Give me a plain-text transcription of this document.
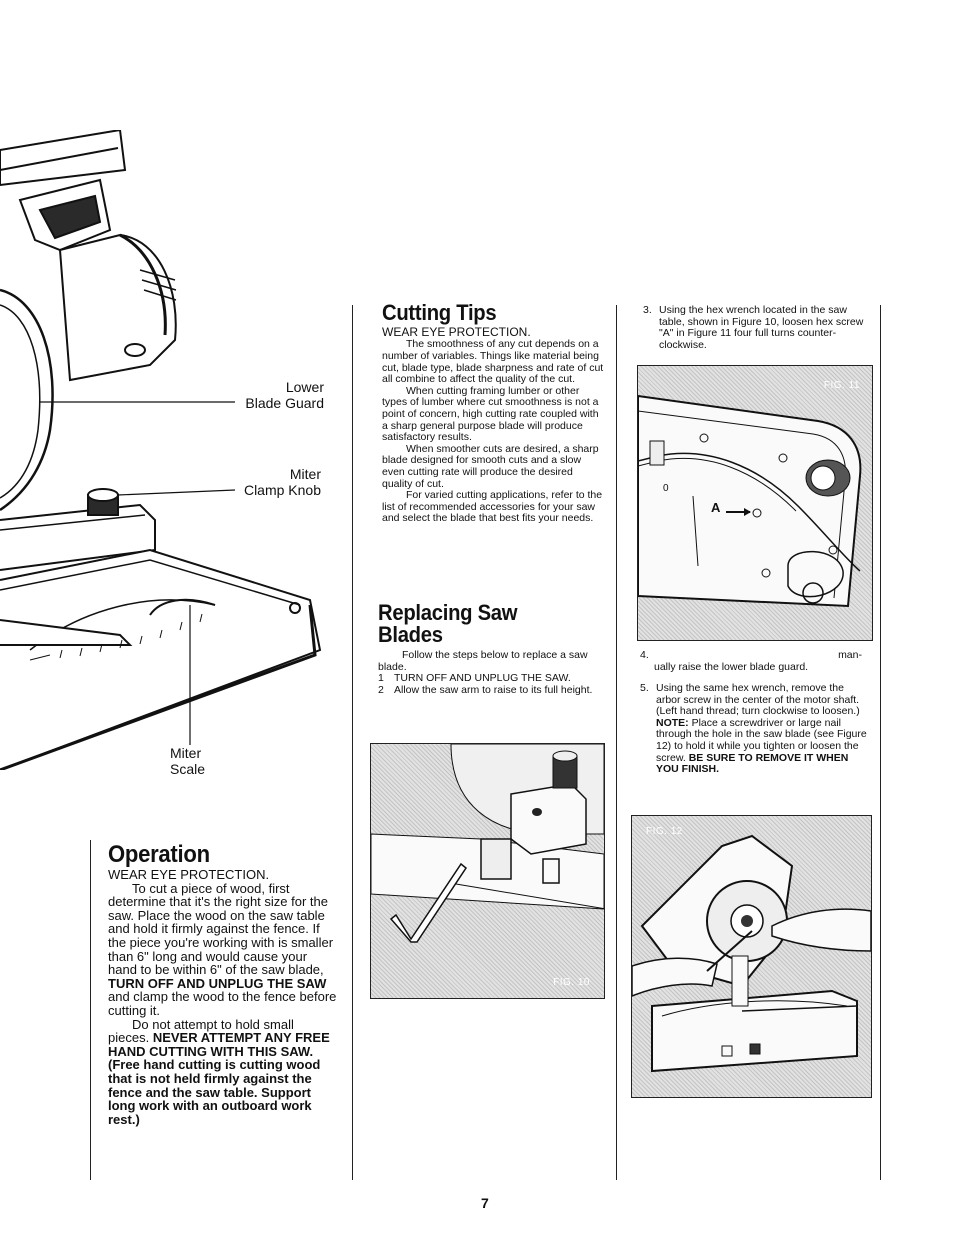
Lower
Blade Guard
Miter
Clamp Knob
Miter
Scale
Operation
WEAR EYE PROTECTION.

To cut a piece of wood, first determine that it's the right size for the saw. Place the wood on the saw table and hold it firmly against the fence. If the piece you're working with is smaller than 6" long and would cause your hand to be within 6" of the saw blade, TURN OFF AND UNPLUG THE SAW and clamp the wood to the fence before cutting it.

Do not attempt to hold small pieces. NEVER ATTEMPT ANY FREE HAND CUTTING WITH THIS SAW. (Free hand cutting is cutting wood that is not held firmly against the fence and the saw table. Support long work with an outboard work rest.)

Cutting Tips
WEAR EYE PROTECTION.

The smoothness of any cut depends on a number of variables. Things like material being cut, blade type, blade sharpness and rate of cut all combine to affect the quality of the cut.

When cutting framing lumber or other types of lumber where cut smoothness is not a point of concern, high cutting rate coupled with a sharp general purpose blade will produce satisfactory results.

When smoother cuts are desired, a sharp blade designed for smooth cuts and a slow even cutting rate will produce the desired quality of cut.

For varied cutting applications, refer to the list of recommended accessories for your saw and select the blade that best fits your needs.

Replacing Saw
Blades

Follow the steps below to replace a saw blade.

1 TURN OFF AND UNPLUG THE SAW.
2 Allow the saw arm to raise to its full height.
FIG. 10
3. Using the hex wrench located in the saw table, shown in Figure 10, loosen hex screw "A" in Figure 11 four full turns counter-clockwise.
0
FIG. 11
A
4.	man-
ually raise the lower blade guard.
5. Using the same hex wrench, remove the arbor screw in the center of the motor shaft. (Left hand thread; turn clockwise to loosen.) NOTE: Place a screwdriver or large nail through the hole in the saw blade (see Figure 12) to hold it while you tighten or loosen the screw. BE SURE TO REMOVE IT WHEN YOU FINISH.
FIG. 12
7
